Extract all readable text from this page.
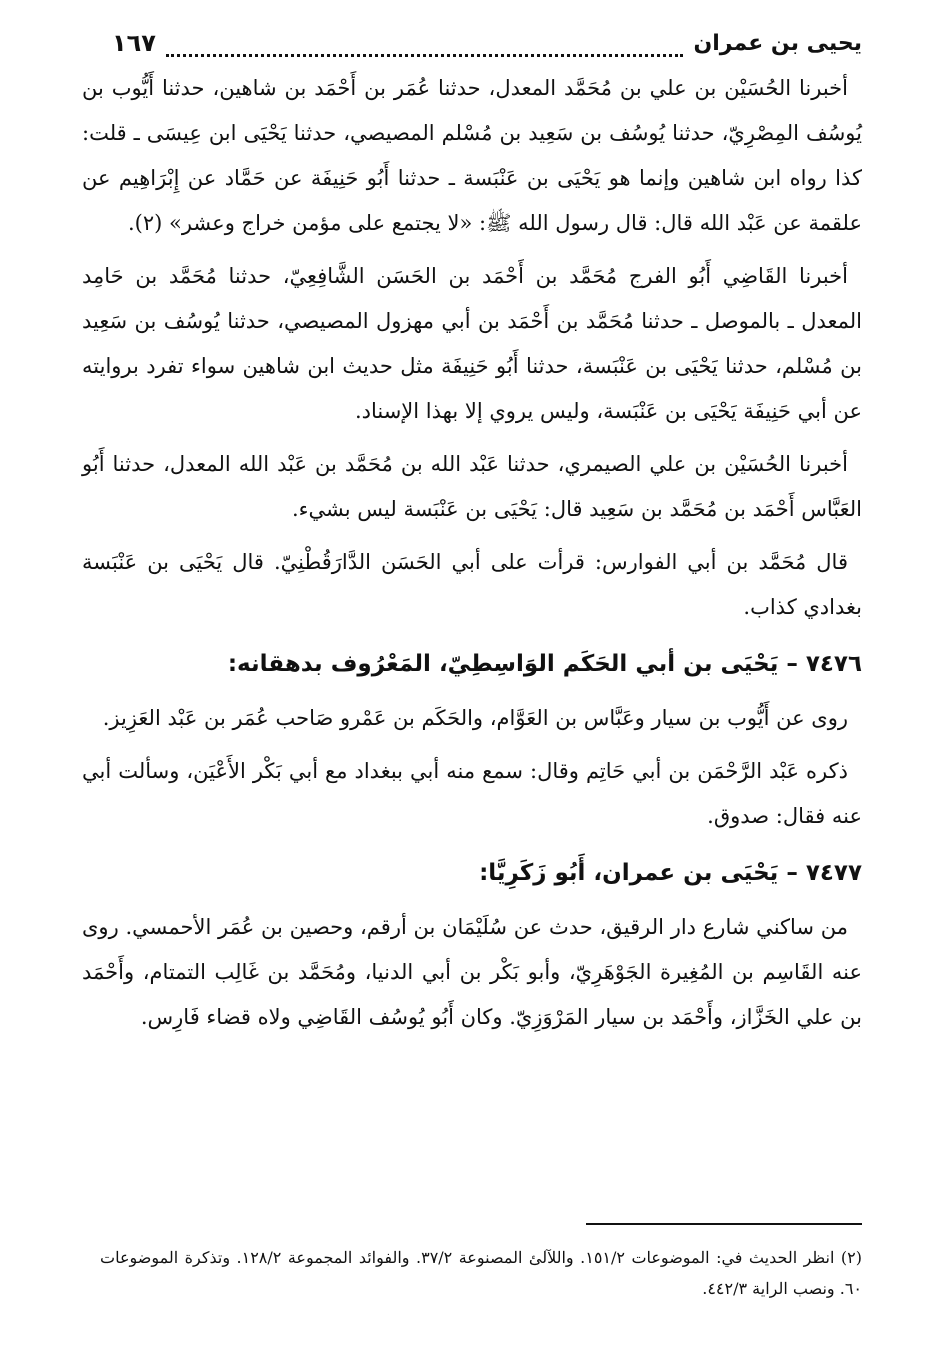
١٦٧	يحيى بن عمران

أخبرنا الحُسَيْن بن علي بن مُحَمَّد المعدل، حدثنا عُمَر بن أَحْمَد بن شاهين، حدثنا أَيُّوب بن يُوسُف المِصْرِيّ، حدثنا يُوسُف بن سَعِيد بن مُسْلم المصيصي، حدثنا يَحْيَى ابن عِيسَى ـ قلت: كذا رواه ابن شاهين وإنما هو يَحْيَى بن عَنْبَسة ـ حدثنا أَبُو حَنِيفَة عن حَمَّاد عن إِبْرَاهِيم عن علقمة عن عَبْد الله قال: قال رسول الله ﷺ: «لا يجتمع على مؤمن خراج وعشر» (٢).

أخبرنا القَاضِي أَبُو الفرج مُحَمَّد بن أَحْمَد بن الحَسَن الشَّافِعِيّ، حدثنا مُحَمَّد بن حَامِد المعدل ـ بالموصل ـ حدثنا مُحَمَّد بن أَحْمَد بن أبي مهزول المصيصي، حدثنا يُوسُف بن سَعِيد بن مُسْلم، حدثنا يَحْيَى بن عَنْبَسة، حدثنا أَبُو حَنِيفَة مثل حديث ابن شاهين سواء تفرد بروايته عن أبي حَنِيفَة يَحْيَى بن عَنْبَسة، وليس يروي إلا بهذا الإسناد.

أخبرنا الحُسَيْن بن علي الصيمري، حدثنا عَبْد الله بن مُحَمَّد بن عَبْد الله المعدل، حدثنا أَبُو العَبَّاس أَحْمَد بن مُحَمَّد بن سَعِيد قال: يَحْيَى بن عَنْبَسة ليس بشيء.

قال مُحَمَّد بن أبي الفوارس: قرأت على أبي الحَسَن الدَّارَقُطْنِيّ. قال يَحْيَى بن عَنْبَسة بغدادي كذاب.

٧٤٧٦ – يَحْيَى بن أبي الحَكَم الوَاسِطِيّ، المَعْرُوف بدهقانه:

روى عن أَيُّوب بن سيار وعَبَّاس بن العَوَّام، والحَكَم بن عَمْرو صَاحب عُمَر بن عَبْد العَزِيز.

ذكره عَبْد الرَّحْمَن بن أبي حَاتِم وقال: سمع منه أبي ببغداد مع أبي بَكْر الأَعْيَن، وسألت أبي عنه فقال: صدوق.

٧٤٧٧ – يَحْيَى بن عمران، أَبُو زَكَرِيَّا:

من ساكني شارع دار الرقيق، حدث عن سُلَيْمَان بن أرقم، وحصين بن عُمَر الأحمسي. روى عنه القَاسِم بن المُغِيرة الجَوْهَرِيّ، وأبو بَكْر بن أبي الدنيا، ومُحَمَّد بن غَالِب التمتام، وأَحْمَد بن علي الخَزَّاز، وأَحْمَد بن سيار المَرْوَزِيّ. وكان أَبُو يُوسُف القَاضِي ولاه قضاء فَارِس.

(٢) انظر الحديث في: الموضوعات ١٥١/٢. واللآلئ المصنوعة ٣٧/٢. والفوائد المجموعة ١٢٨/٢. وتذكرة الموضوعات ٦٠. ونصب الراية ٤٤٢/٣.
